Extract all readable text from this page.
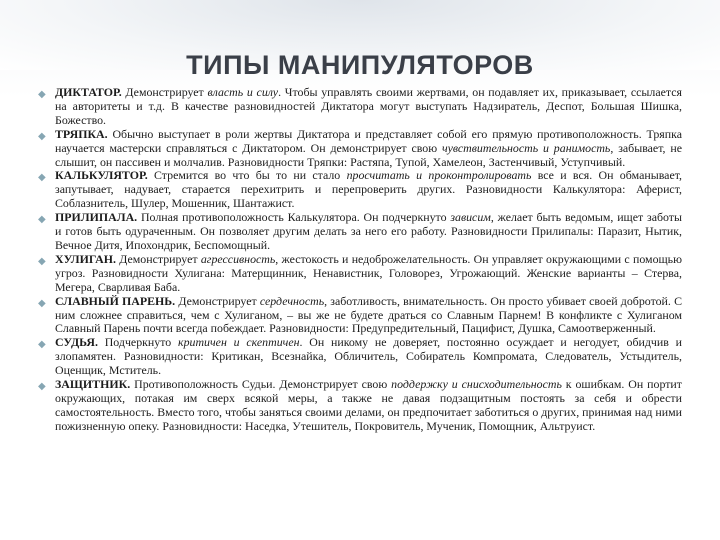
ТИПЫ МАНИПУЛЯТОРОВ
◆ ДИКТАТОР. Демонстрирует власть и силу. Чтобы управлять своими жертвами, он подавляет их, приказывает, ссылается на авторитеты и т.д. В качестве разновидностей Диктатора могут выступать Надзиратель, Деспот, Большая Шишка, Божество.
◆ ТРЯПКА. Обычно выступает в роли жертвы Диктатора и представляет собой его прямую противоположность. Тряпка научается мастерски справляться с Диктатором. Он демонстрирует свою чувствительность и ранимость, забывает, не слышит, он пассивен и молчалив. Разновидности Тряпки: Растяпа, Тупой, Хамелеон, Застенчивый, Уступчивый.
◆ КАЛЬКУЛЯТОР. Стремится во что бы то ни стало просчитать и проконтролировать все и вся. Он обманывает, запутывает, надувает, старается перехитрить и перепроверить других. Разновидности Калькулятора: Аферист, Соблазнитель, Шулер, Мошенник, Шантажист.
◆ ПРИЛИПАЛА. Полная противоположность Калькулятора. Он подчеркнуто зависим, желает быть ведомым, ищет заботы и готов быть одураченным. Он позволяет другим делать за него его работу. Разновидности Прилипалы: Паразит, Нытик, Вечное Дитя, Ипохондрик, Беспомощный.
◆ ХУЛИГАН. Демонстрирует агрессивность, жестокость и недоброжелательность. Он управляет окружающими с помощью угроз. Разновидности Хулигана: Матерщинник, Ненавистник, Головорез, Угрожающий. Женские варианты – Стерва, Мегера, Сварливая Баба.
◆ СЛАВНЫЙ ПАРЕНЬ. Демонстрирует сердечность, заботливость, внимательность. Он просто убивает своей добротой. С ним сложнее справиться, чем с Хулиганом, – вы же не будете драться со Славным Парнем! В конфликте с Хулиганом Славный Парень почти всегда побеждает. Разновидности: Предупредительный, Пацифист, Душка, Самоотверженный.
◆ СУДЬЯ. Подчеркнуто критичен и скептичен. Он никому не доверяет, постоянно осуждает и негодует, обидчив и злопамятен. Разновидности: Критикан, Всезнайка, Обличитель, Собиратель Компромата, Следователь, Устыдитель, Оценщик, Мститель.
◆ ЗАЩИТНИК. Противоположность Судьи. Демонстрирует свою поддержку и снисходительность к ошибкам. Он портит окружающих, потакая им сверх всякой меры, а также не давая подзащитным постоять за себя и обрести самостоятельность. Вместо того, чтобы заняться своими делами, он предпочитает заботиться о других, принимая над ними пожизненную опеку. Разновидности: Наседка, Утешитель, Покровитель, Мученик, Помощник, Альтруист.
